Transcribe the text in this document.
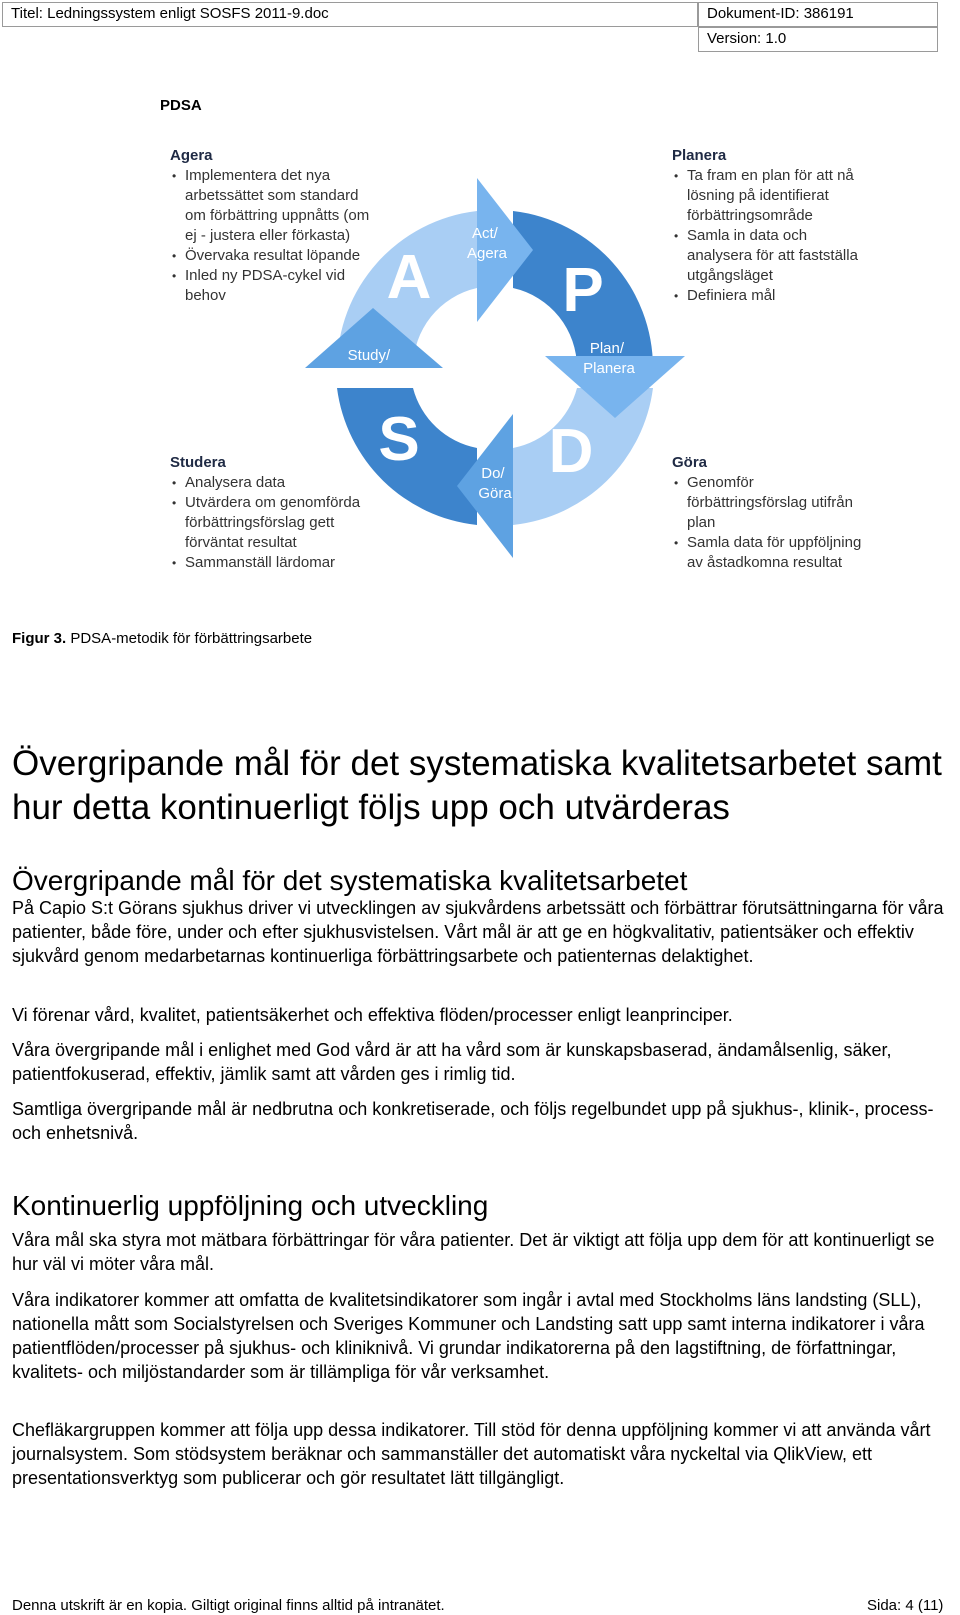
Titel: Ledningssystem enligt SOSFS 2011-9.doc	Dokument-ID: 386191
Version: 1.0
PDSA
Agera
• Implementera det nya arbetssättet som standard om förbättring uppnåtts (om ej - justera eller förkasta)
• Övervaka resultat löpande
• Inled ny PDSA-cykel vid behov
Planera
• Ta fram en plan för att nå lösning på identifierat förbättringsområde
• Samla in data och analysera för att fastställa utgångsläget
• Definiera mål
Studera
• Analysera data
• Utvärdera om genomförda förbättringsförslag gett förväntat resultat
• Sammanställ lärdomar
Göra
• Genomför förbättringsförslag utifrån plan
• Samla data för uppföljning av åstadkomna resultat
A P
S D
Act/ Agera
Plan/ Planera
Study/ Studera
Do/ Göra
Figur 3. PDSA-metodik för förbättringsarbete
Övergripande mål för det systematiska kvalitetsarbetet samt hur detta kontinuerligt följs upp och utvärderas
Övergripande mål för det systematiska kvalitetsarbetet

På Capio S:t Görans sjukhus driver vi utvecklingen av sjukvårdens arbetssätt och förbättrar förutsättningarna för våra patienter, både före, under och efter sjukhusvistelsen. Vårt mål är att ge en högkvalitativ, patientsäker och effektiv sjukvård genom medarbetarnas kontinuerliga förbättringsarbete och patienternas delaktighet.

Vi förenar vård, kvalitet, patientsäkerhet och effektiva flöden/processer enligt leanprinciper.

Våra övergripande mål i enlighet med God vård är att ha vård som är kunskapsbaserad, ändamålsenlig, säker, patientfokuserad, effektiv, jämlik samt att vården ges i rimlig tid.

Samtliga övergripande mål är nedbrutna och konkretiserade, och följs regelbundet upp på sjukhus-, klinik-, process- och enhetsnivå.

Kontinuerlig uppföljning och utveckling

Våra mål ska styra mot mätbara förbättringar för våra patienter. Det är viktigt att följa upp dem för att kontinuerligt se hur väl vi möter våra mål.

Våra indikatorer kommer att omfatta de kvalitetsindikatorer som ingår i avtal med Stockholms läns landsting (SLL), nationella mått som Socialstyrelsen och Sveriges Kommuner och Landsting satt upp samt interna indikatorer i våra patientflöden/processer på sjukhus- och kliniknivå. Vi grundar indikatorerna på den lagstiftning, de författningar, kvalitets- och miljöstandarder som är tillämpliga för vår verksamhet.

Chefläkargruppen kommer att följa upp dessa indikatorer. Till stöd för denna uppföljning kommer vi att använda vårt journalsystem. Som stödsystem beräknar och sammanställer det automatiskt våra nyckeltal via QlikView, ett presentationsverktyg som publicerar och gör resultatet lätt tillgängligt.

Denna utskrift är en kopia. Giltigt original finns alltid på intranätet.	Sida: 4 (11)
